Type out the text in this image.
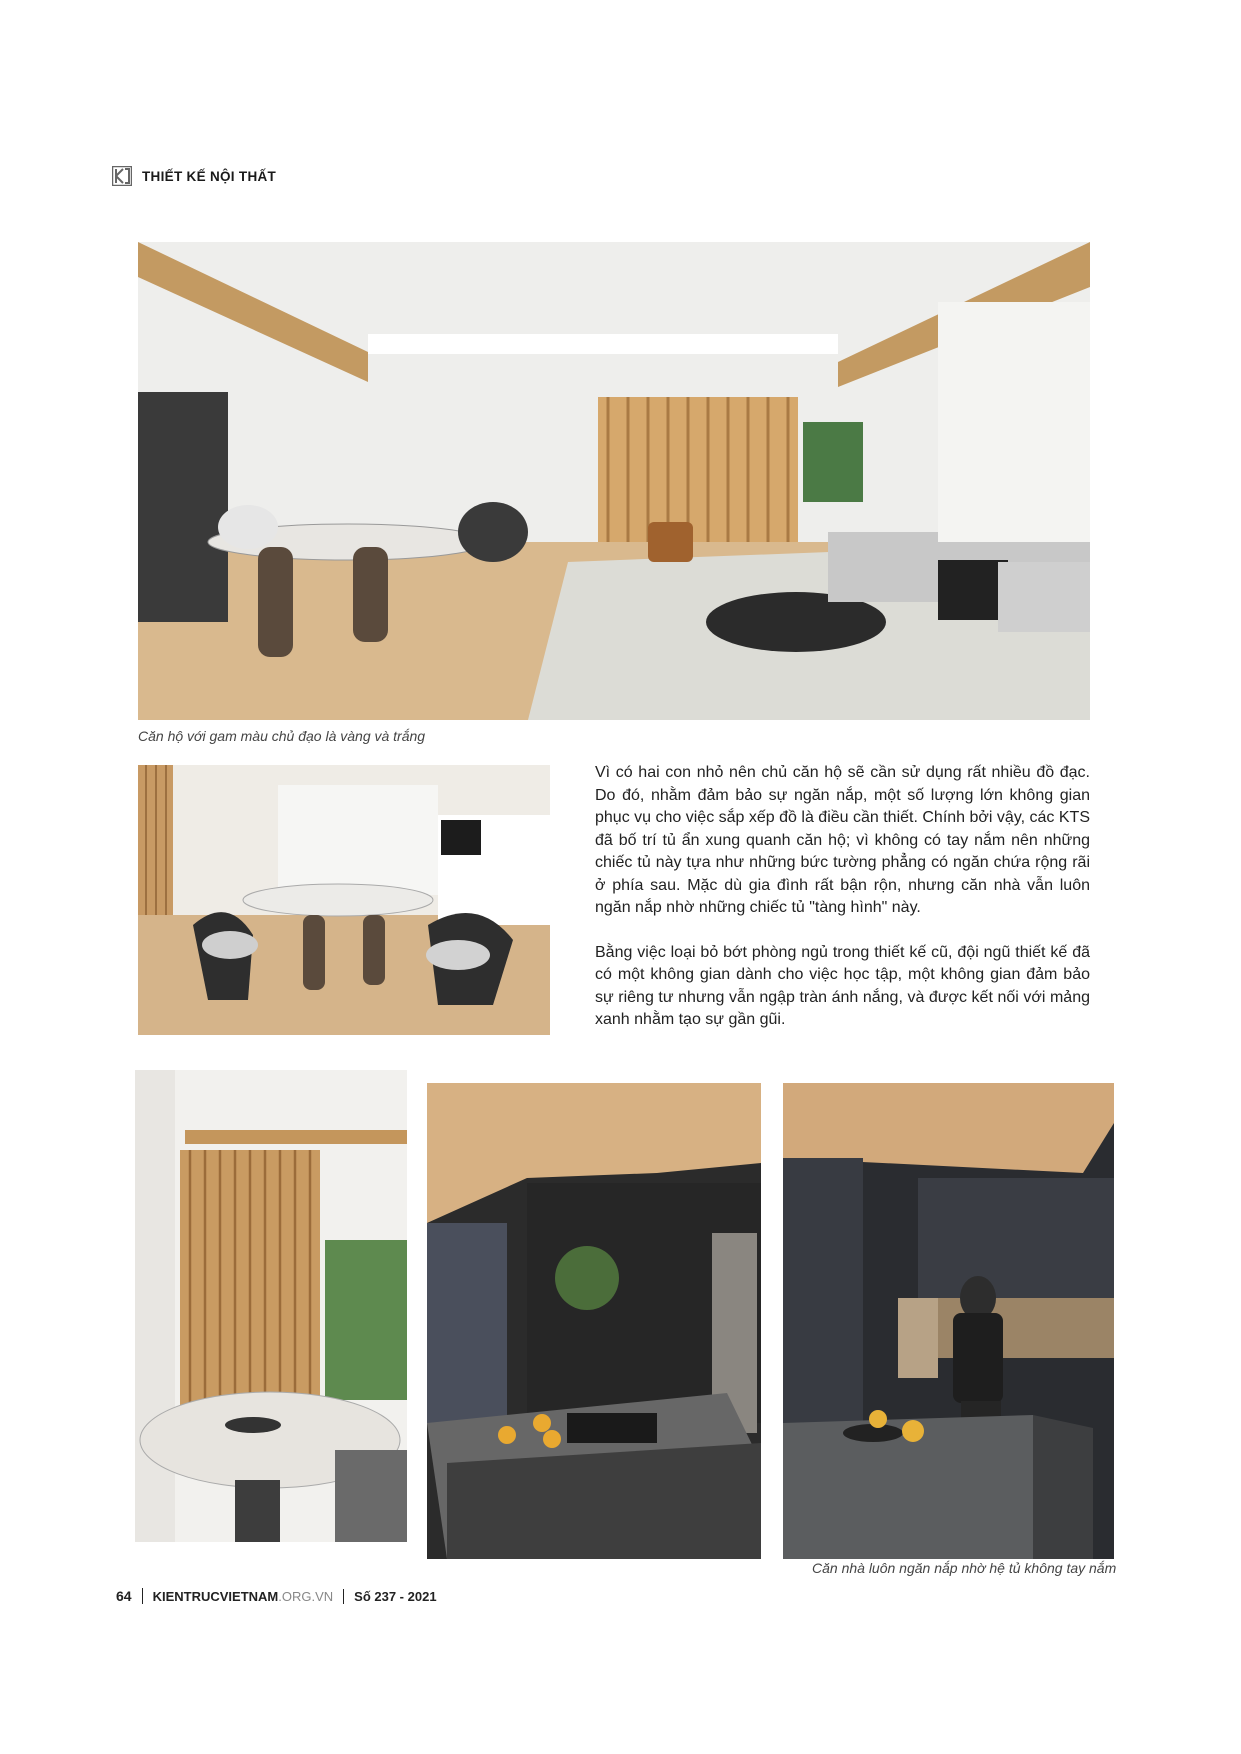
THIẾT KẾ NỘI THẤT
Căn hộ với gam màu chủ đạo là vàng và trắng

Vì có hai con nhỏ nên chủ căn hộ sẽ cần sử dụng rất nhiều đồ đạc. Do đó, nhằm đảm bảo sự ngăn nắp, một số lượng lớn không gian phục vụ cho việc sắp xếp đồ là điều cần thiết. Chính bởi vậy, các KTS đã bố trí tủ ẩn xung quanh căn hộ; vì không có tay nắm nên những chiếc tủ này tựa như những bức tường phẳng có ngăn chứa rộng rãi ở phía sau. Mặc dù gia đình rất bận rộn, nhưng căn nhà vẫn luôn ngăn nắp nhờ những chiếc tủ "tàng hình" này.

Bằng việc loại bỏ bớt phòng ngủ trong thiết kế cũ, đội ngũ thiết kế đã có một không gian dành cho việc học tập, một không gian đảm bảo sự riêng tư nhưng vẫn ngập tràn ánh nắng, và được kết nối với mảng xanh nhằm tạo sự gần gũi.

Căn nhà luôn ngăn nắp nhờ hệ tủ không tay nắm
64	KIENTRUCVIETNAM.ORG.VN	Số 237 - 2021
